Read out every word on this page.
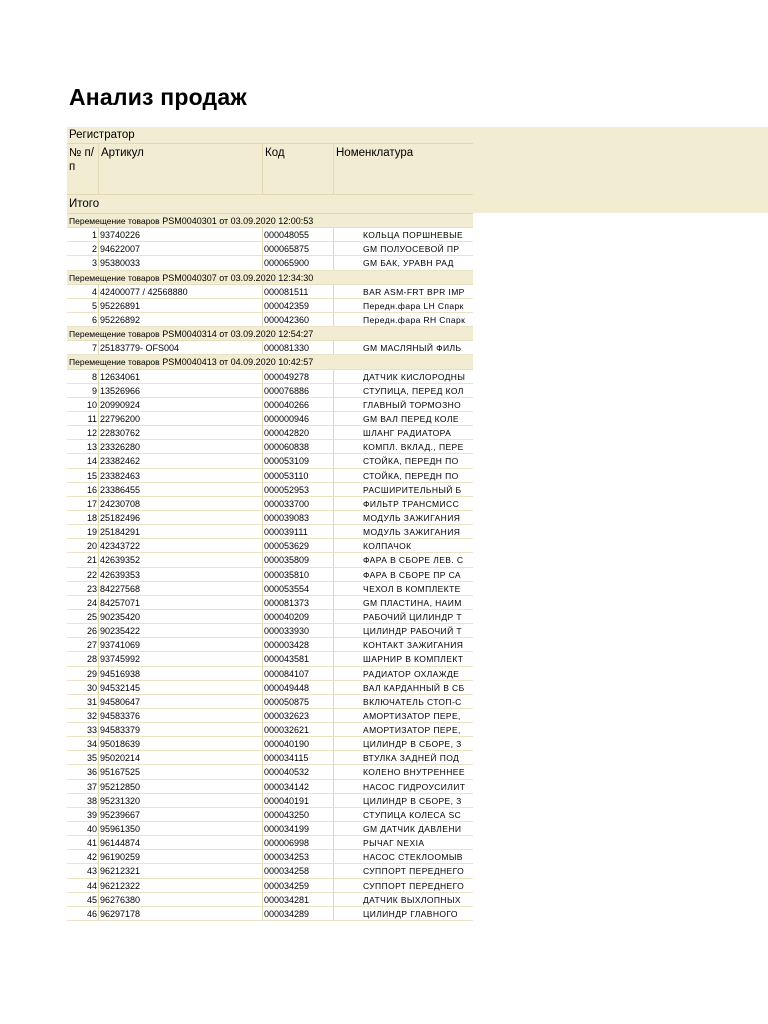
Анализ продаж
Регистратор
№ п/п
Артикул	Код	Номенклатура
Итого
Перемещение товаров PSM0040301 от 03.09.2020 12:00:53
1 93740226	000048055	КОЛЬЦА ПОРШНЕВЫЕ
2 94622007	000065875	GM ПОЛУОСЕВОЙ ПР
3 95380033	000065900	GM БАК, УРАВН РАД
Перемещение товаров PSM0040307 от 03.09.2020 12:34:30
4 42400077 / 42568880	000081511	BAR ASM-FRT BPR IMP
5 95226891	000042359	Передн.фара LH Спарк
6 95226892	000042360	Передн.фара RH Спарк
Перемещение товаров PSM0040314 от 03.09.2020 12:54:27
7 25183779- OFS004	000081330	GM МАСЛЯНЫЙ ФИЛЬ
Перемещение товаров PSM0040413 от 04.09.2020 10:42:57
8 12634061	000049278	ДАТЧИК КИСЛОРОДНЫ
9 13526966	000076886	СТУПИЦА, ПЕРЕД КОЛ
10 20990924	000040266	ГЛАВНЫЙ ТОРМОЗНО
11 22796200	000000946	GM ВАЛ ПЕРЕД КОЛЕ
12 22830762	000042820	ШЛАНГ РАДИАТОРА
13 23326280	000060838	КОМПЛ. ВКЛАД., ПЕРЕ
14 23382462	000053109	СТОЙКА, ПЕРЕДН ПО
15 23382463	000053110	СТОЙКА, ПЕРЕДН ПО
16 23386455	000052953	РАСШИРИТЕЛЬНЫЙ Б
17 24230708	000033700	ФИЛЬТР ТРАНСМИСС
18 25182496	000039083	МОДУЛЬ ЗАЖИГАНИЯ
19 25184291	000039111	МОДУЛЬ ЗАЖИГАНИЯ
20 42343722	000053629	КОЛПАЧОК
21 42639352	000035809	ФАРА В СБОРЕ ЛЕВ. С
22 42639353	000035810	ФАРА В СБОРЕ ПР СА
23 84227568	000053554	ЧЕХОЛ В КОМПЛЕКТЕ
24 84257071	000081373	GM ПЛАСТИНА, НАИМ
25 90235420	000040209	РАБОЧИЙ ЦИЛИНДР Т
26 90235422	000033930	ЦИЛИНДР РАБОЧИЙ Т
27 93741069	000003428	КОНТАКТ ЗАЖИГАНИЯ
28 93745992	000043581	ШАРНИР В КОМПЛЕКТ
29 94516938	000084107	РАДИАТОР ОХЛАЖДЕ
30 94532145	000049448	ВАЛ КАРДАННЫЙ В СБ
31 94580647	000050875	ВКЛЮЧАТЕЛЬ СТОП-С
32 94583376	000032623	АМОРТИЗАТОР ПЕРЕ,
33 94583379	000032621	АМОРТИЗАТОР ПЕРЕ,
34 95018639	000040190	ЦИЛИНДР В СБОРЕ, З
35 95020214	000034115	ВТУЛКА ЗАДНЕЙ ПОД
36 95167525	000040532	КОЛЕНО ВНУТРЕННЕЕ
37 95212850	000034142	НАСОС ГИДРОУСИЛИТ
38 95231320	000040191	ЦИЛИНДР В СБОРЕ, З
39 95239667	000043250	СТУПИЦА КОЛЕСА SC
40 95961350	000034199	GM ДАТЧИК ДАВЛЕНИ
41 96144874	000006998	РЫЧАГ NEXIA
42 96190259	000034253	НАСОС СТЕКЛООМЫВ
43 96212321	000034258	СУППОРТ ПЕРЕДНЕГО
44 96212322	000034259	СУППОРТ ПЕРЕДНЕГО
45 96276380	000034281	ДАТЧИК ВЫХЛОПНЫХ
46 96297178	000034289	ЦИЛИНДР ГЛАВНОГО
